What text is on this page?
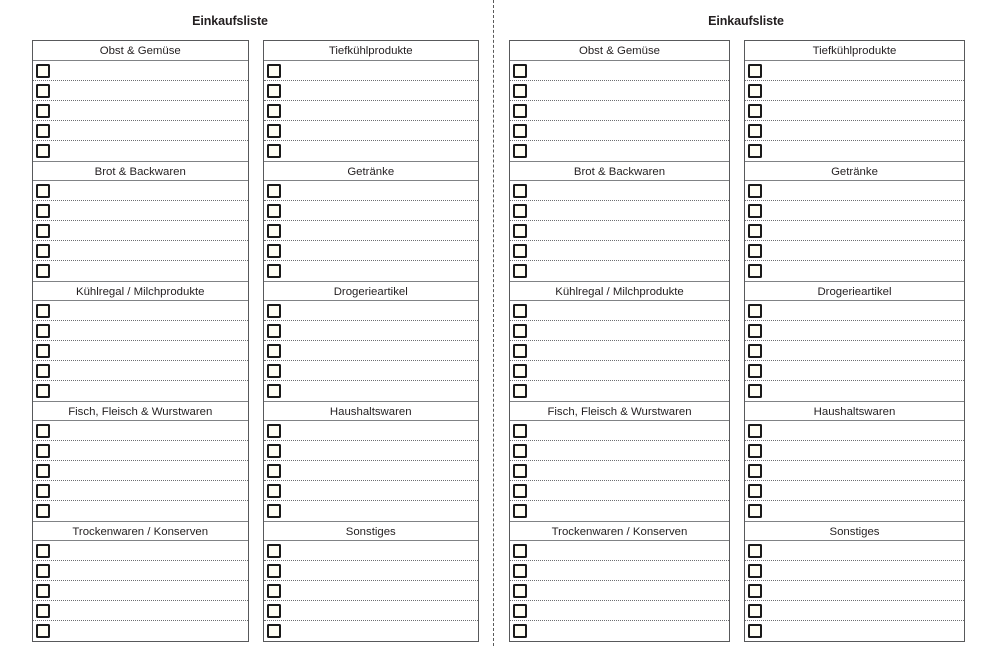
Einkaufsliste
Obst & Gemüse
Brot & Backwaren
Kühlregal / Milchprodukte
Fisch, Fleisch & Wurstwaren
Trockenwaren / Konserven
Tiefkühlprodukte
Getränke
Drogerieartikel
Haushaltswaren
Sonstiges
Einkaufsliste
Obst & Gemüse
Brot & Backwaren
Kühlregal / Milchprodukte
Fisch, Fleisch & Wurstwaren
Trockenwaren / Konserven
Tiefkühlprodukte
Getränke
Drogerieartikel
Haushaltswaren
Sonstiges
